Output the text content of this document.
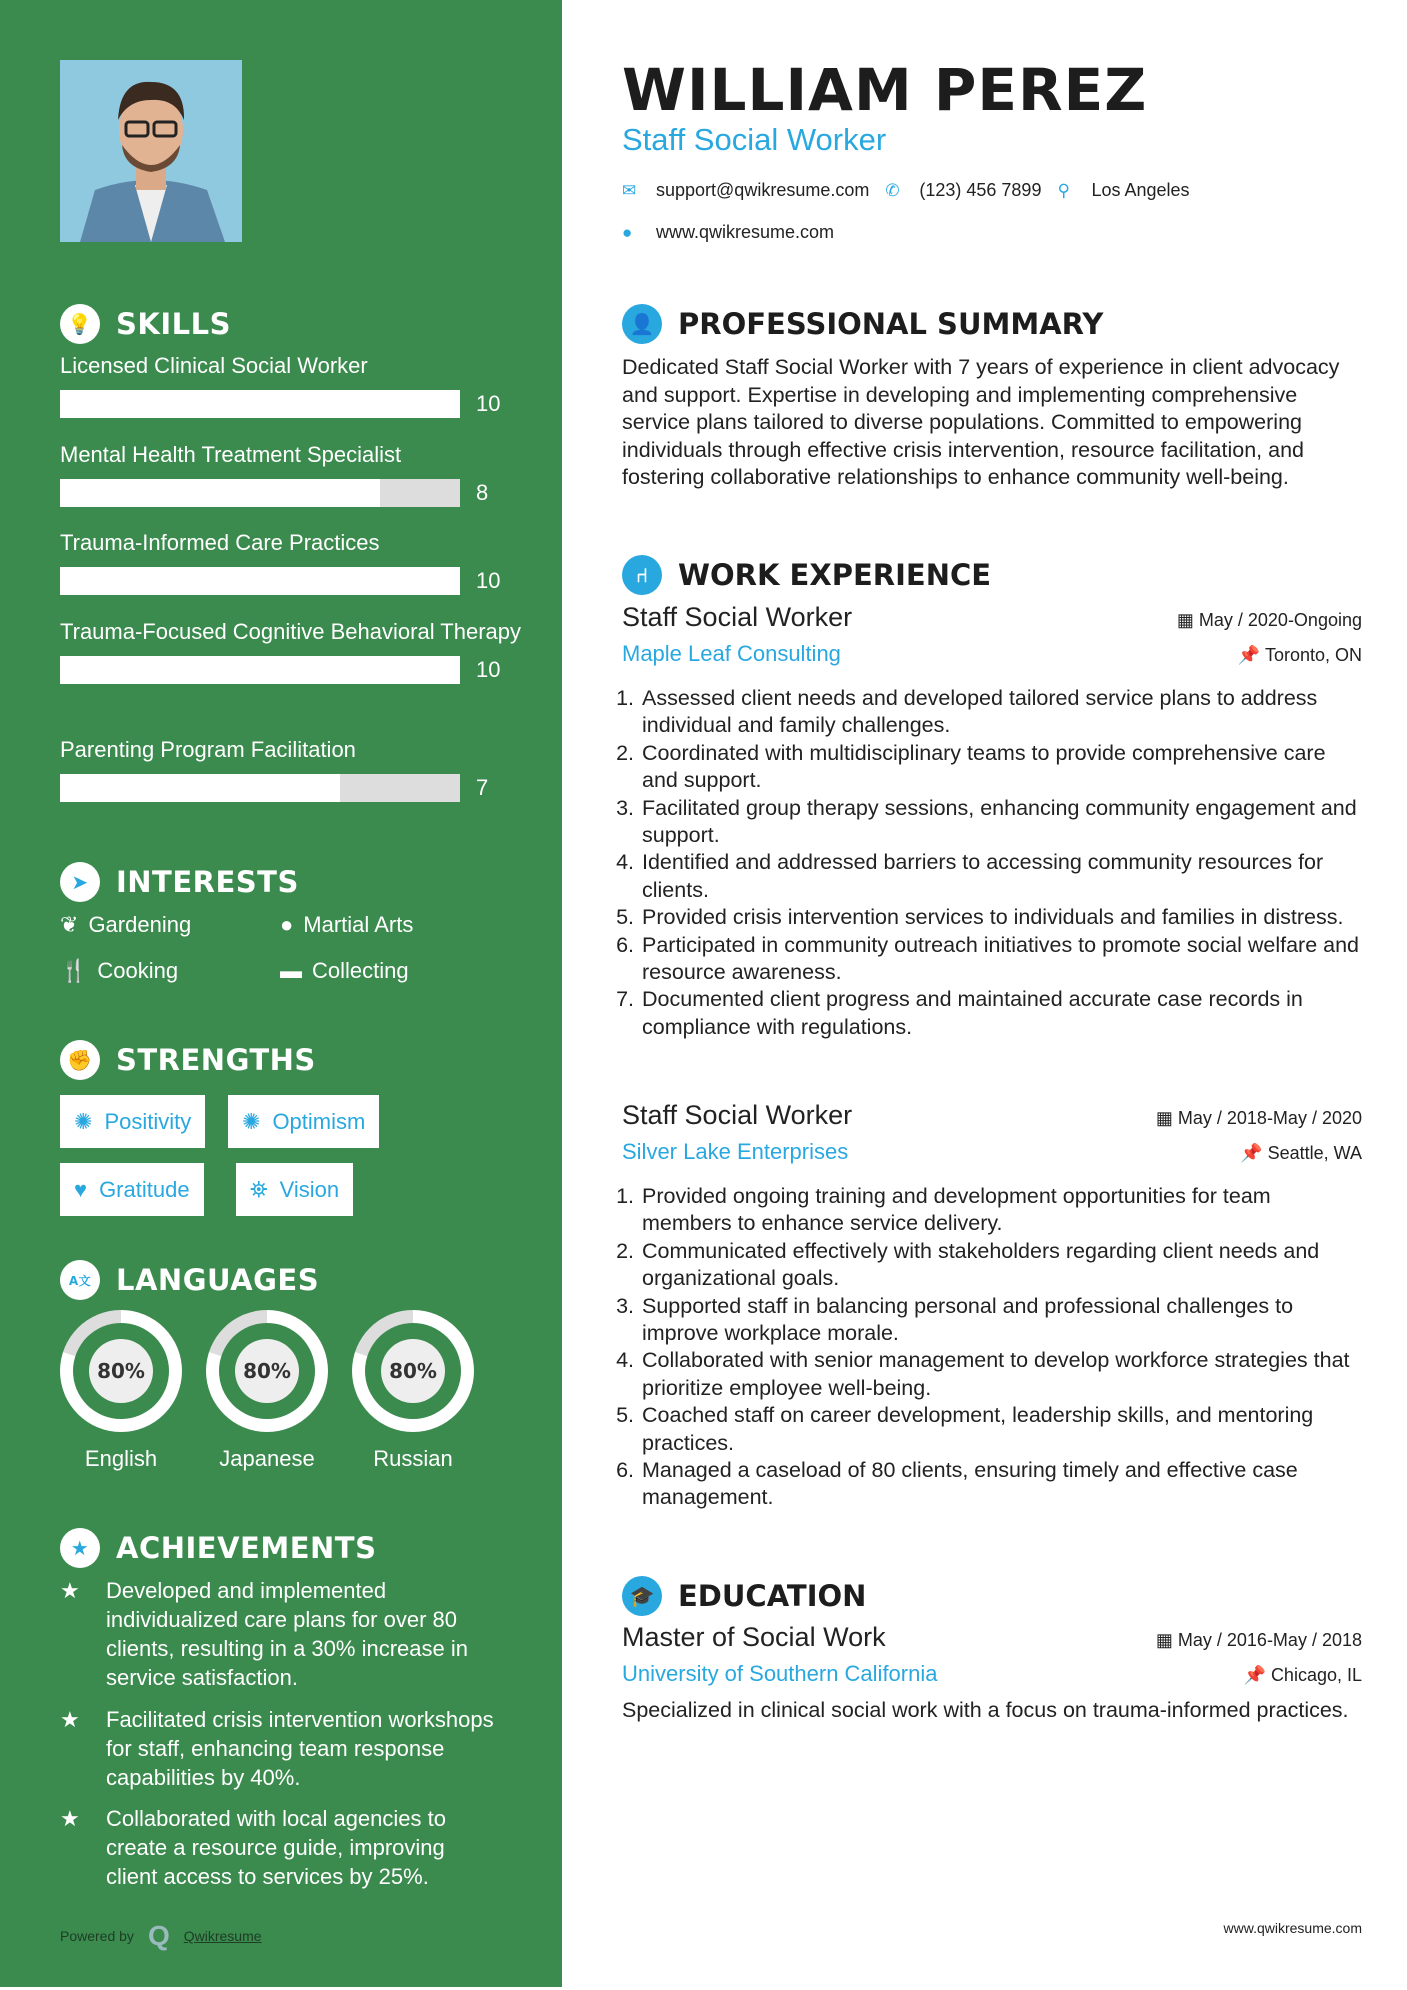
💡 SKILLS
Licensed Clinical Social Worker
10
Mental Health Treatment Specialist
8
Trauma-Informed Care Practices
10
Trauma-Focused Cognitive Behavioral Therapy
10
Parenting Program Facilitation
7
➤ INTERESTS
❦ Gardening	● Martial Arts
🍴 Cooking	▬ Collecting
✊ STRENGTHS
✺ Positivity ✺ Optimism
♥ Gratitude	⛯ Vision
A文 LANGUAGES
80%
English
80%
Japanese
80%
Russian
★ ACHIEVEMENTS
★	Developed and implemented individualized care plans for over 80 clients, resulting in a 30% increase in service satisfaction.
★	Facilitated crisis intervention workshops for staff, enhancing team response capabilities by 40%.
★	Collaborated with local agencies to create a resource guide, improving client access to services by 25%.
Powered by Q Qwikresume
WILLIAM PEREZ
Staff Social Worker
✉	support@qwikresume.com ✆	(123) 456 7899 ⚲	Los Angeles
●	www.qwikresume.com
👤 PROFESSIONAL SUMMARY

Dedicated Staff Social Worker with 7 years of experience in client advocacy and support. Expertise in developing and implementing comprehensive service plans tailored to diverse populations. Committed to empowering individuals through effective crisis intervention, resource facilitation, and fostering collaborative relationships to enhance community well-being.

⑁	WORK EXPERIENCE
Staff Social Worker	▦ May / 2020-Ongoing
Maple Leaf Consulting	📌 Toronto, ON
1. Assessed client needs and developed tailored service plans to address individual and family challenges.
2. Coordinated with multidisciplinary teams to provide comprehensive care and support.
3. Facilitated group therapy sessions, enhancing community engagement and support.
4. Identified and addressed barriers to accessing community resources for clients.
5. Provided crisis intervention services to individuals and families in distress.
6. Participated in community outreach initiatives to promote social welfare and resource awareness.
7. Documented client progress and maintained accurate case records in compliance with regulations.
Staff Social Worker	▦ May / 2018-May / 2020
Silver Lake Enterprises	📌 Seattle, WA
1. Provided ongoing training and development opportunities for team members to enhance service delivery.
2. Communicated effectively with stakeholders regarding client needs and organizational goals.
3. Supported staff in balancing personal and professional challenges to improve workplace morale.
4. Collaborated with senior management to develop workforce strategies that prioritize employee well-being.
5. Coached staff on career development, leadership skills, and mentoring practices.
6. Managed a caseload of 80 clients, ensuring timely and effective case management.
🎓 EDUCATION
Master of Social Work	▦ May / 2016-May / 2018
University of Southern California	📌 Chicago, IL

Specialized in clinical social work with a focus on trauma-informed practices.

www.qwikresume.com
